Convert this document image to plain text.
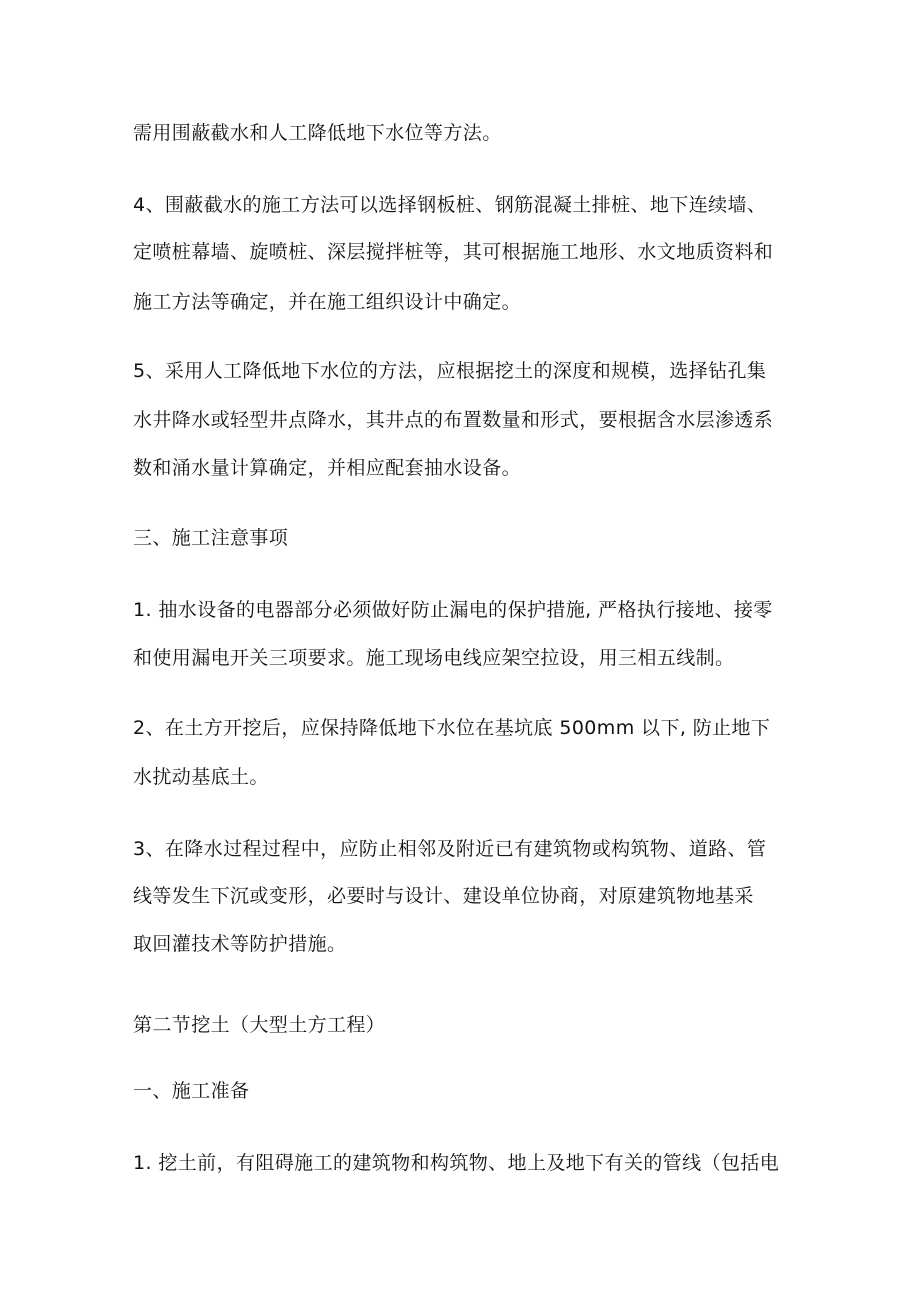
需用围蔽截水和人工降低地下水位等方法。
4、围蔽截水的施工方法可以选择钢板桩、钢筋混凝土排桩、地下连续墙、
定喷桩幕墙、旋喷桩、深层搅拌桩等，其可根据施工地形、水文地质资料和
施工方法等确定，并在施工组织设计中确定。
5、采用人工降低地下水位的方法，应根据挖土的深度和规模，选择钻孔集
水井降水或轻型井点降水，其井点的布置数量和形式，要根据含水层渗透系
数和涌水量计算确定，并相应配套抽水设备。
三、施工注意事项
1. 抽水设备的电器部分必须做好防止漏电的保护措施, 严格执行接地、接零
和使用漏电开关三项要求。施工现场电线应架空拉设，用三相五线制。
2、在土方开挖后，应保持降低地下水位在基坑底 500mm 以下, 防止地下
水扰动基底土。
3、在降水过程过程中，应防止相邻及附近已有建筑物或构筑物、道路、管
线等发生下沉或变形，必要时与设计、建设单位协商，对原建筑物地基采
取回灌技术等防护措施。
第二节挖土（大型土方工程）
一、施工准备
1. 挖土前，有阻碍施工的建筑物和构筑物、地上及地下有关的管线（包括电
